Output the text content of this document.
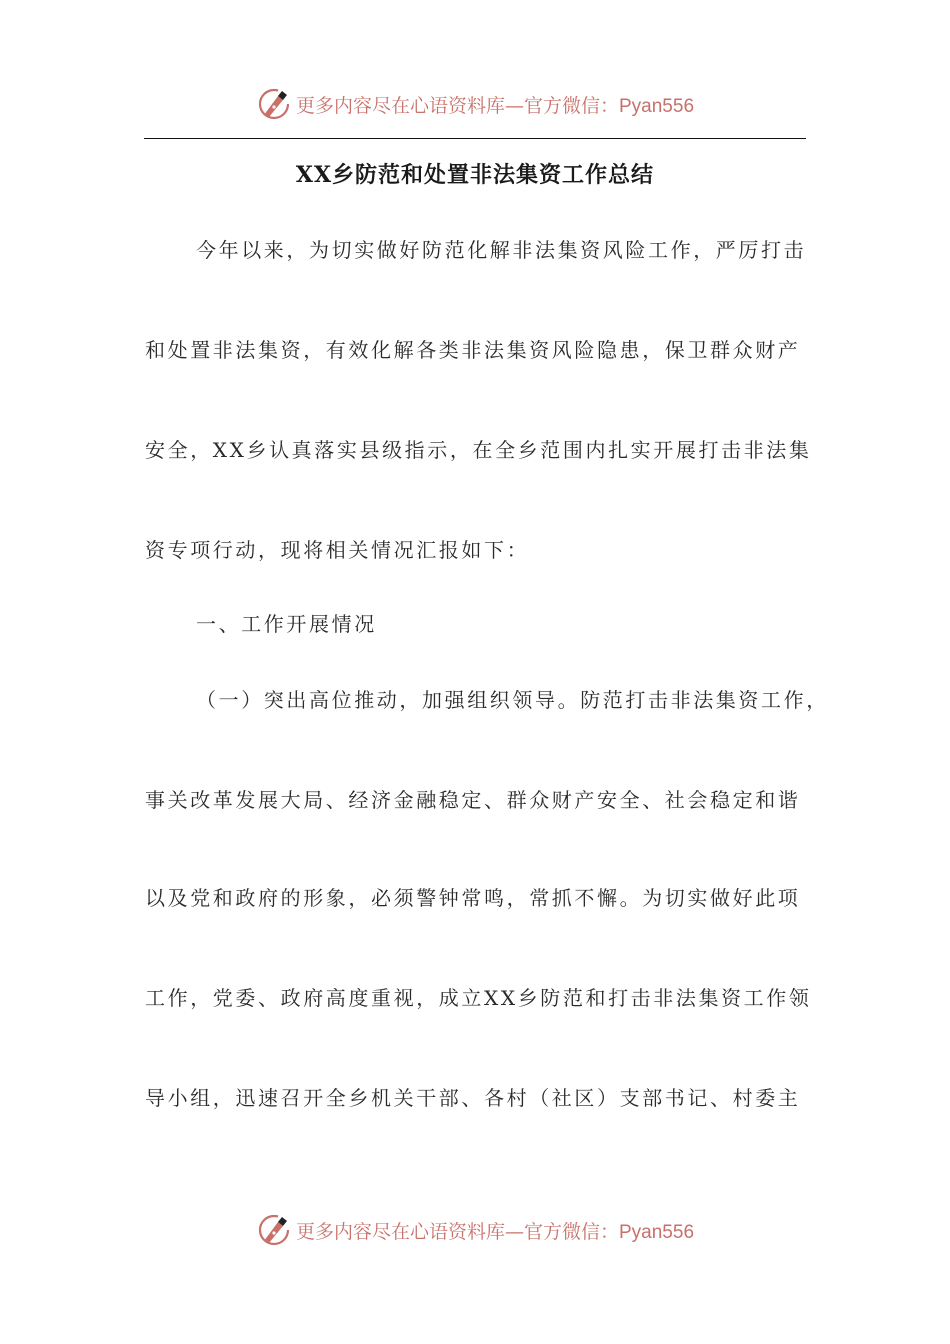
更多内容尽在心语资料库—官方微信：Pyan556
XX乡防范和处置非法集资工作总结
今年以来，为切实做好防范化解非法集资风险工作，严厉打击
和处置非法集资，有效化解各类非法集资风险隐患，保卫群众财产
安全，XX乡认真落实县级指示，在全乡范围内扎实开展打击非法集
资专项行动，现将相关情况汇报如下：
一、工作开展情况
（一）突出高位推动，加强组织领导。防范打击非法集资工作，
事关改革发展大局、经济金融稳定、群众财产安全、社会稳定和谐
以及党和政府的形象，必须警钟常鸣，常抓不懈。为切实做好此项
工作，党委、政府高度重视，成立XX乡防范和打击非法集资工作领
导小组，迅速召开全乡机关干部、各村（社区）支部书记、村委主
更多内容尽在心语资料库—官方微信：Pyan556
